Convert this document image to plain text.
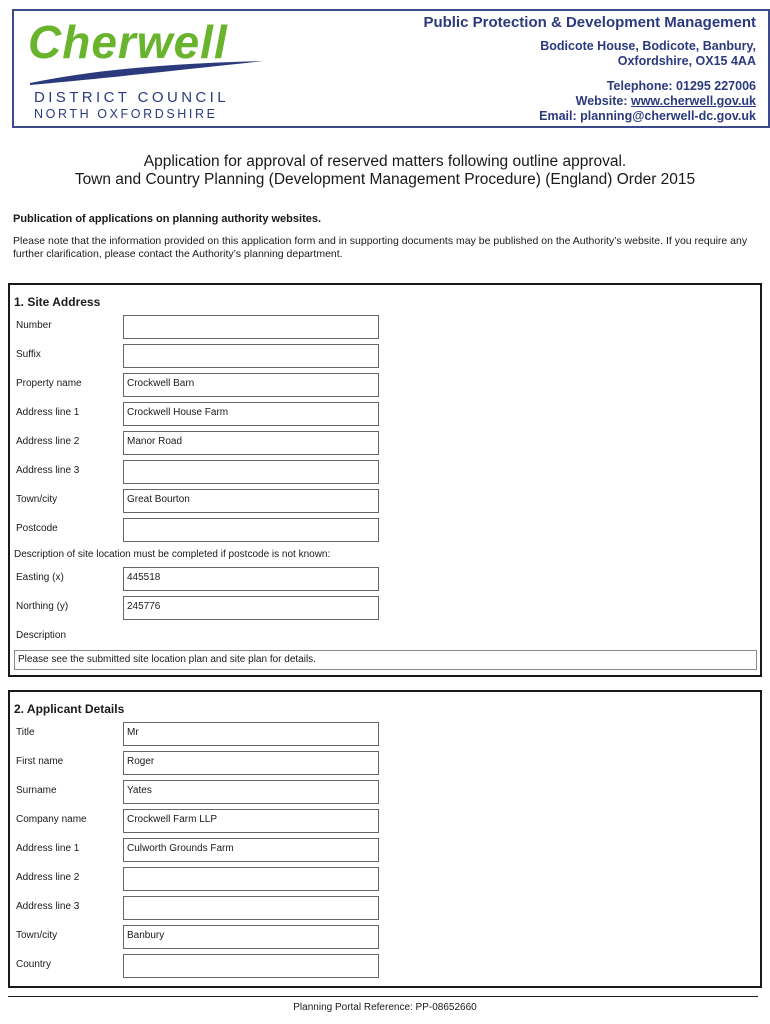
Cherwell
DISTRICT COUNCIL
NORTH OXFORDSHIRE
Public Protection & Development Management
Bodicote House, Bodicote, Banbury,
Oxfordshire, OX15 4AA
Telephone: 01295 227006
Website: www.cherwell.gov.uk
Email: planning@cherwell-dc.gov.uk
Application for approval of reserved matters following outline approval.
Town and Country Planning (Development Management Procedure) (England) Order 2015
Publication of applications on planning authority websites.
Please note that the information provided on this application form and in supporting documents may be published on the Authority’s website. If you require any further clarification, please contact the Authority’s planning department.
1. Site Address
Number
Suffix
Property name	Crockwell Barn
Address line 1	Crockwell House Farm
Address line 2	Manor Road
Address line 3
Town/city	Great Bourton
Postcode
Description of site location must be completed if postcode is not known:
Easting (x)	445518
Northing (y)	245776
Description
Please see the submitted site location plan and site plan for details.
2. Applicant Details
Title	Mr
First name	Roger
Surname	Yates
Company name	Crockwell Farm LLP
Address line 1	Culworth Grounds Farm
Address line 2
Address line 3
Town/city	Banbury
Country
Planning Portal Reference: PP-08652660
